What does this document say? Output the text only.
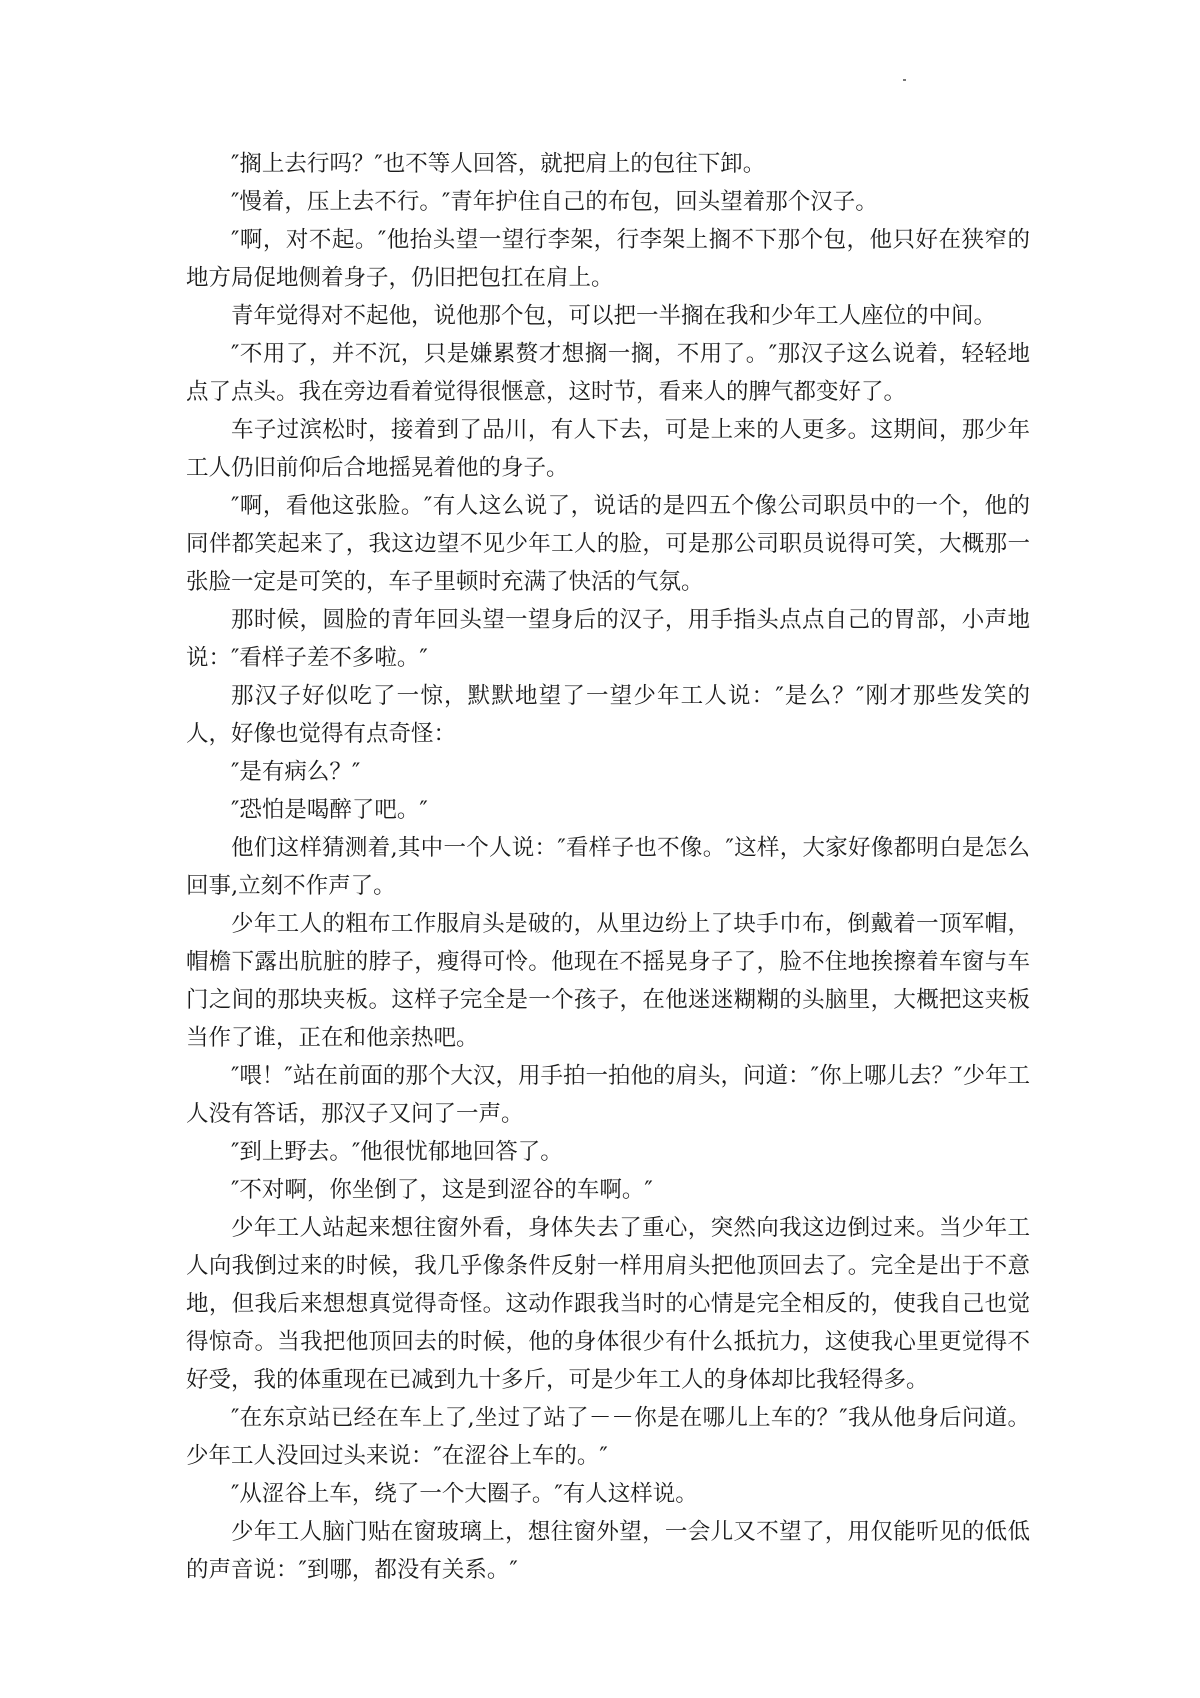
″搁上去行吗？″也不等人回答，就把肩上的包往下卸。

″慢着，压上去不行。″青年护住自己的布包，回头望着那个汉子。

″啊，对不起。″他抬头望一望行李架，行李架上搁不下那个包，他只好在狭窄的地方局促地侧着身子，仍旧把包扛在肩上。

青年觉得对不起他，说他那个包，可以把一半搁在我和少年工人座位的中间。

″不用了，并不沉，只是嫌累赘才想搁一搁，不用了。″那汉子这么说着，轻轻地点了点头。我在旁边看着觉得很惬意，这时节，看来人的脾气都变好了。

车子过滨松时，接着到了品川，有人下去，可是上来的人更多。这期间，那少年工人仍旧前仰后合地摇晃着他的身子。

″啊，看他这张脸。″有人这么说了，说话的是四五个像公司职员中的一个，他的同伴都笑起来了，我这边望不见少年工人的脸，可是那公司职员说得可笑，大概那一张脸一定是可笑的，车子里顿时充满了快活的气氛。

那时候，圆脸的青年回头望一望身后的汉子，用手指头点点自己的胃部，小声地说：″看样子差不多啦。″

那汉子好似吃了一惊，默默地望了一望少年工人说：″是么？″刚才那些发笑的人，好像也觉得有点奇怪：

″是有病么？″

″恐怕是喝醉了吧。″

他们这样猜测着,其中一个人说：″看样子也不像。″这样，大家好像都明白是怎么回事,立刻不作声了。

少年工人的粗布工作服肩头是破的，从里边纷上了块手巾布，倒戴着一顶军帽，帽檐下露出肮脏的脖子，瘦得可怜。他现在不摇晃身子了，脸不住地挨擦着车窗与车门之间的那块夹板。这样子完全是一个孩子，在他迷迷糊糊的头脑里，大概把这夹板当作了谁，正在和他亲热吧。

″喂！″站在前面的那个大汉，用手拍一拍他的肩头，问道：″你上哪儿去？″少年工人没有答话，那汉子又问了一声。

″到上野去。″他很忧郁地回答了。

″不对啊，你坐倒了，这是到涩谷的车啊。″

少年工人站起来想往窗外看，身体失去了重心，突然向我这边倒过来。当少年工人向我倒过来的时候，我几乎像条件反射一样用肩头把他顶回去了。完全是出于不意地，但我后来想想真觉得奇怪。这动作跟我当时的心情是完全相反的，使我自己也觉得惊奇。当我把他顶回去的时候，他的身体很少有什么抵抗力，这使我心里更觉得不好受，我的体重现在已减到九十多斤，可是少年工人的身体却比我轻得多。

″在东京站已经在车上了,坐过了站了－－你是在哪儿上车的？″我从他身后问道。少年工人没回过头来说：″在涩谷上车的。″

″从涩谷上车，绕了一个大圈子。″有人这样说。

少年工人脑门贴在窗玻璃上，想往窗外望，一会儿又不望了，用仅能听见的低低的声音说：″到哪，都没有关系。″
